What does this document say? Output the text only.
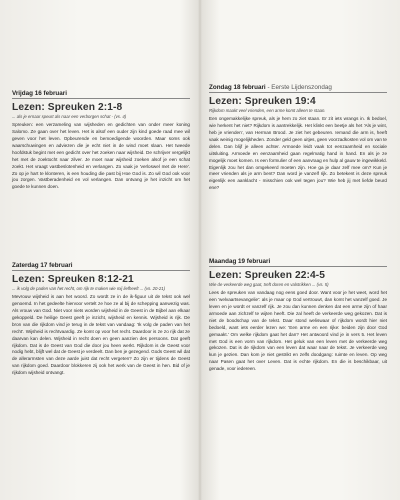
Vrijdag 16 februari
Lezen: Spreuken 2:1-8
... als je ernaar speurt als naar een verborgen schat - (vs. 4)

Spreuken: een verzameling van wijsheden en gedichten van onder meer koning Salomo. Ze gaan over het leven. Het is alsof een ouder zijn kind goede raad mee wil geven voor het leven. Opbeurende en bemoedigende woorden. Maar soms ook waarschuwingen en adviezen die je echt niet in de wind moet slaan. Het tweede hoofdstuk begint met een gedicht over het zoeken naar wijsheid. De schrijver vergelijkt het met de zoektocht naar zilver. Je moet naar wijsheid zoeken alsof je een schat zoekt. Het vraagt vastbeslotenheid en verlangen. Zo vaak je 'verloswel met de Here'. Zo op je hart te klonteren, is een houding die past bij Hoe God is. Zo wil God ook voor jou zorgen. Vastberadenheid en vol verlangen. Dan ontvang je het inzicht om het goede te kunnen doen.

Zaterdag 17 februari
Lezen: Spreuken 8:12-21
... ik volg de paden van het recht, om rijk te maken wie mij liefheeft ... (vs. 20-21)

Mevrouw wijsheid is aan het woord. Zo wordt ze in de ik-figuur uit de tekst ook wel genoemd. In het gedeelte hiervoor vertelt ze hoe ze al bij de schepping aanwezig was. Als vrouw van God. Niet voor niets worden wijsheid in de Geest in de Bijbel aan elkaar gekoppeld. De heilige Geest geeft je inzicht, wijsheid en kennis. Wijsheid is rijk. De bron van die rijkdom vind je terug in de tekst van vandaag: 'Ik volg de paden van het recht'. Wijsheid is rechtvaardig. Ze komt op voor het recht. Daardoor is ze zo rijk dat ze daarvan kan delen. Wijsheid in recht doen en geen aanzien des persoons. Dat geeft rijkdom. Dat is de Geest van God die door jou heen werkt. Rijkdom is de Geest voor nodig hebt, blijft wel dat de Geest je verdeelt. Dan ben je gezegend. Gods Geest wil dat de allerarmsten van deze aarde juist dat recht vergeten? Zo zijn er tijdens de Geest van rijkdom goed. Daardoor blokkeren zij ook het werk van de Geest in hen. Bid of je rijkdom wijsheid ontvangt.

Zondag 18 februari - Eerste Lijdenszondag
Lezen: Spreuken 19:4
Rijkdom maakt veel vrienden, een arme komt alleen te staan.

Een ongemakkelijke spreuk, als je hem zo ziet staan. Er zit iets wrangs in. Ik bedoel, wie herkent het niet? Rijkdom is aantrekkelijk. Het klinkt een beetje als het 'Als je wint, heb je vrienden', van Herman Brood. Je ziet het gebeuren. Iemand die arm is, heeft vaak weinig mogelijkheden. Zonder geld geen uitjes, geen voorzadkosten vol om van te delen. Dan blijf je alleen achter. Armoede leidt vaak tot eenzaamheid en sociale uitsluiting. Armoede en eenzaamheid gaan regelmatig hand in hand. En als je ze mogelijk moet komen. Is een formulier of een aanvraag en hulp al gauw te ingewikkeld. Eigenlijk zou het dan omgekeerd moeten zijn. Hoe ga je daar zelf mee om? Kun je meer vrienden als je arm bent? Dan word je vanzelf rijk. Zo betekent is deze spreuk eigenlijk een aanklacht - misschien ook wel tegen jou? Wie heb jij met liefde beurd ene?

Maandag 19 februari
Lezen: Spreuken 22:4-5
Wie de verkeerde weg gaat, treft doren en valstrikken ... (vs. 5)

Lees de spreuken van vandaag nog eens goed door. Want voor je het weet, word het een 'welvaartsevangelie': als je maar op God vertrouwt, dan komt het vanzelf goed. Je leven en je wordt er vanzelf rijk. Je zou dan kunnen denken dat een arme zijn of haar armoede aan zichzelf te wijten heeft. Die zal heeft de verkeerde weg gekozen. Dat is niet de boodschap van de tekst. Daar stond weliswaar of rijkdom wordt hier niet bedoeld, want iets eerder lezen we: 'Een arme en een rijke: beiden zijn door God gemaakt.' Om welke rijkdom gaat het dan? Het antwoord vind je in vers 5. Het leven met God is een vorm van rijkdom. Het geluk van een leven met de verkeerde weg gekozen. Dat is de rijkdom van een leven dat waar naar de tekst. Je verkeerde weg kun je gezien. Dan kom je niet gestrikt en zelfs doodgang: ruimte en leven. Op weg naar Pasen gaat het over Leven. Dat is echte rijkdom. En die is beschikbaar, uit genade, voor iedereen.
